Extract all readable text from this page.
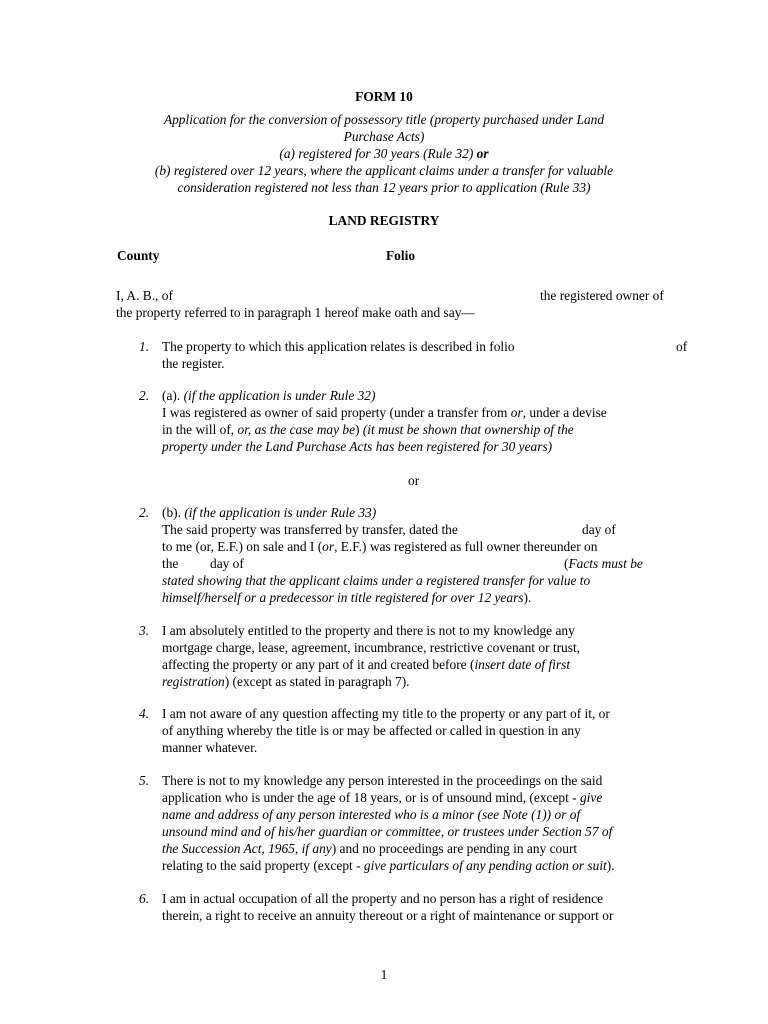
FORM 10
Application for the conversion of possessory title (property purchased under Land
Purchase Acts)
(a) registered for 30 years (Rule 32) or
(b) registered over 12 years, where the applicant claims under a transfer for valuable
consideration registered not less than 12 years prior to application (Rule 33)
LAND REGISTRY
County	Folio
I, A. B., of	the registered owner of
the property referred to in paragraph 1 hereof make oath and say—
1. The property to which this application relates is described in folio	of
the register.
2. (a). (if the application is under Rule 32)
I was registered as owner of said property (under a transfer from or, under a devise
in the will of, or, as the case may be) (it must be shown that ownership of the
property under the Land Purchase Acts has been registered for 30 years)
or
2. (b). (if the application is under Rule 33)
The said property was transferred by transfer, dated the	day of
to me (or, E.F.) on sale and I (or, E.F.) was registered as full owner thereunder on
the day of	(Facts must be
stated showing that the applicant claims under a registered transfer for value to
himself/herself or a predecessor in title registered for over 12 years).
3. I am absolutely entitled to the property and there is not to my knowledge any
mortgage charge, lease, agreement, incumbrance, restrictive covenant or trust,
affecting the property or any part of it and created before (insert date of first
registration) (except as stated in paragraph 7).
4. I am not aware of any question affecting my title to the property or any part of it, or
of anything whereby the title is or may be affected or called in question in any
manner whatever.
5. There is not to my knowledge any person interested in the proceedings on the said
application who is under the age of 18 years, or is of unsound mind, (except - give
name and address of any person interested who is a minor (see Note (1)) or of
unsound mind and of his/her guardian or committee, or trustees under Section 57 of
the Succession Act, 1965, if any) and no proceedings are pending in any court
relating to the said property (except - give particulars of any pending action or suit).
6. I am in actual occupation of all the property and no person has a right of residence
therein, a right to receive an annuity thereout or a right of maintenance or support or
1
